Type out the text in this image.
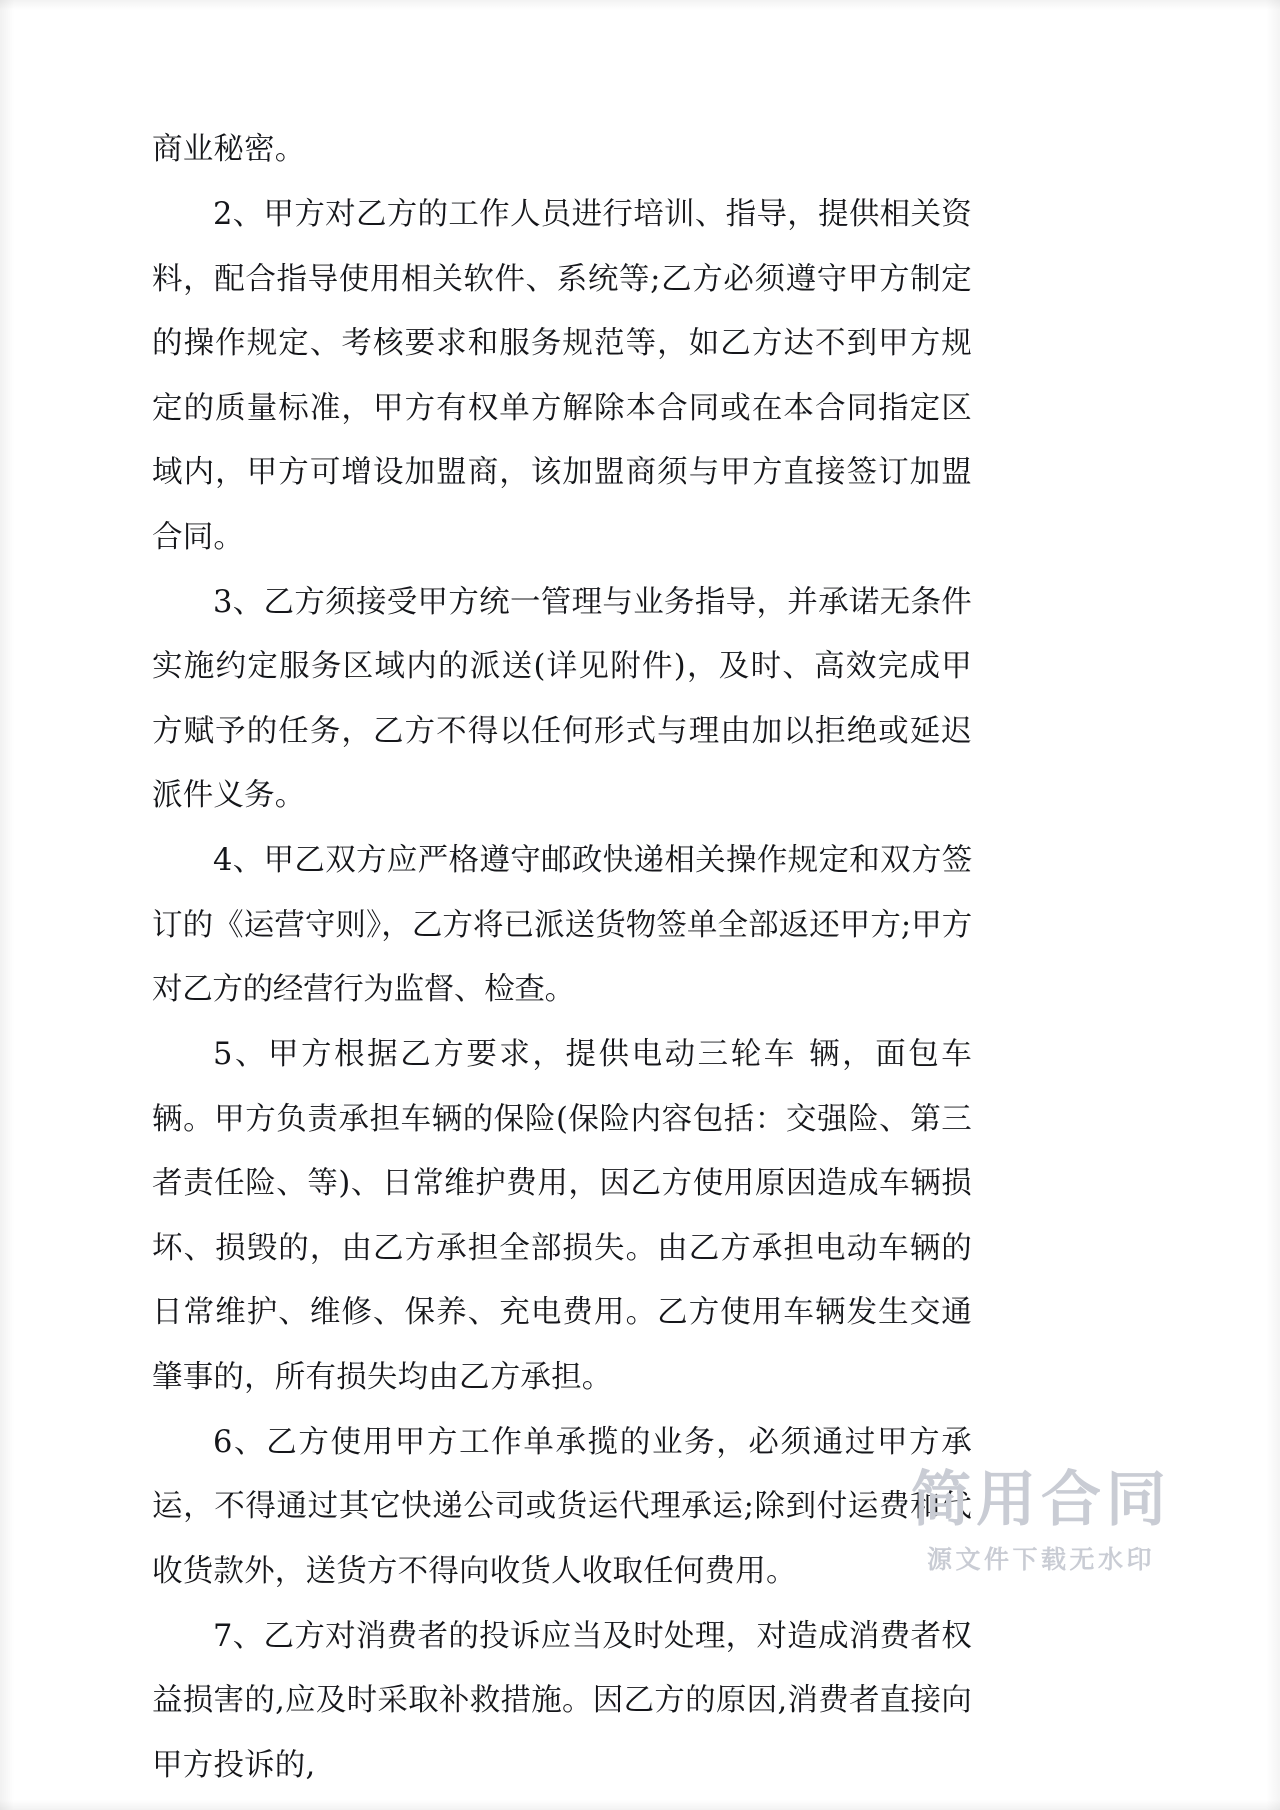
商业秘密。

2、甲方对乙方的工作人员进行培训、指导，提供相关资料，配合指导使用相关软件、系统等;乙方必须遵守甲方制定的操作规定、考核要求和服务规范等，如乙方达不到甲方规定的质量标准，甲方有权单方解除本合同或在本合同指定区域内，甲方可增设加盟商，该加盟商须与甲方直接签订加盟合同。

3、乙方须接受甲方统一管理与业务指导，并承诺无条件实施约定服务区域内的派送(详见附件)，及时、高效完成甲方赋予的任务，乙方不得以任何形式与理由加以拒绝或延迟派件义务。

4、甲乙双方应严格遵守邮政快递相关操作规定和双方签订的《运营守则》，乙方将已派送货物签单全部返还甲方;甲方对乙方的经营行为监督、检查。

5、甲方根据乙方要求，提供电动三轮车 辆，面包车辆。甲方负责承担车辆的保险(保险内容包括：交强险、第三者责任险、等)、日常维护费用，因乙方使用原因造成车辆损坏、损毁的，由乙方承担全部损失。由乙方承担电动车辆的日常维护、维修、保养、充电费用。乙方使用车辆发生交通肇事的，所有损失均由乙方承担。

6、乙方使用甲方工作单承揽的业务，必须通过甲方承运，不得通过其它快递公司或货运代理承运;除到付运费和代收货款外，送货方不得向收货人收取任何费用。

7、乙方对消费者的投诉应当及时处理，对造成消费者权益损害的,应及时采取补救措施。因乙方的原因,消费者直接向甲方投诉的,

简用合同
源文件下载无水印
